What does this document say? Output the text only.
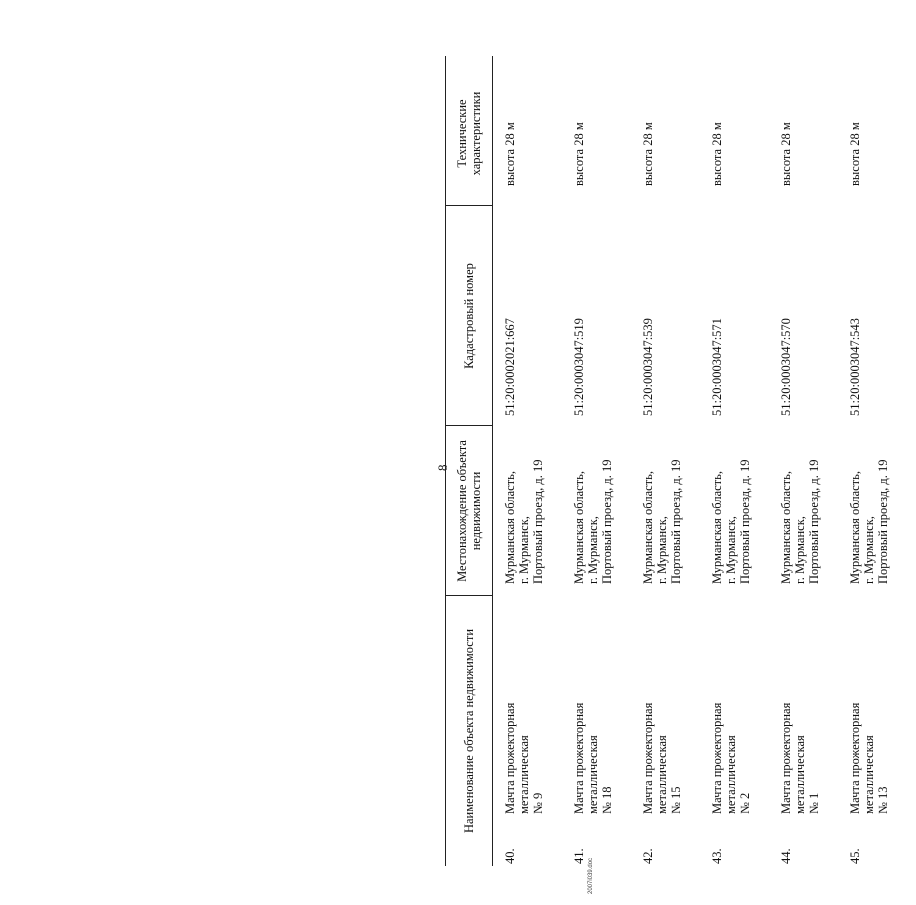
8
Наименование объекта недвижимости
Местонахождение объекта недвижимости
Кадастровый номер
Технические характеристики
40.
Мачта прожекторная металлическая
№ 9
Мурманская область,
г. Мурманск,
Портовый проезд, д. 19
51:20:0002021:667
высота 28 м
41.
Мачта прожекторная металлическая
№ 18
Мурманская область,
г. Мурманск,
Портовый проезд, д. 19
51:20:0003047:519
высота 28 м
42.
Мачта прожекторная металлическая
№ 15
Мурманская область,
г. Мурманск,
Портовый проезд, д. 19
51:20:0003047:539
высота 28 м
43.
Мачта прожекторная металлическая
№ 2
Мурманская область,
г. Мурманск,
Портовый проезд, д. 19
51:20:0003047:571
высота 28 м
44.
Мачта прожекторная металлическая
№ 1
Мурманская область,
г. Мурманск,
Портовый проезд, д. 19
51:20:0003047:570
высота 28 м
45.
Мачта прожекторная металлическая
№ 13
Мурманская область,
г. Мурманск,
Портовый проезд, д. 19
51:20:0003047:543
высота 28 м
2007i039.doc
